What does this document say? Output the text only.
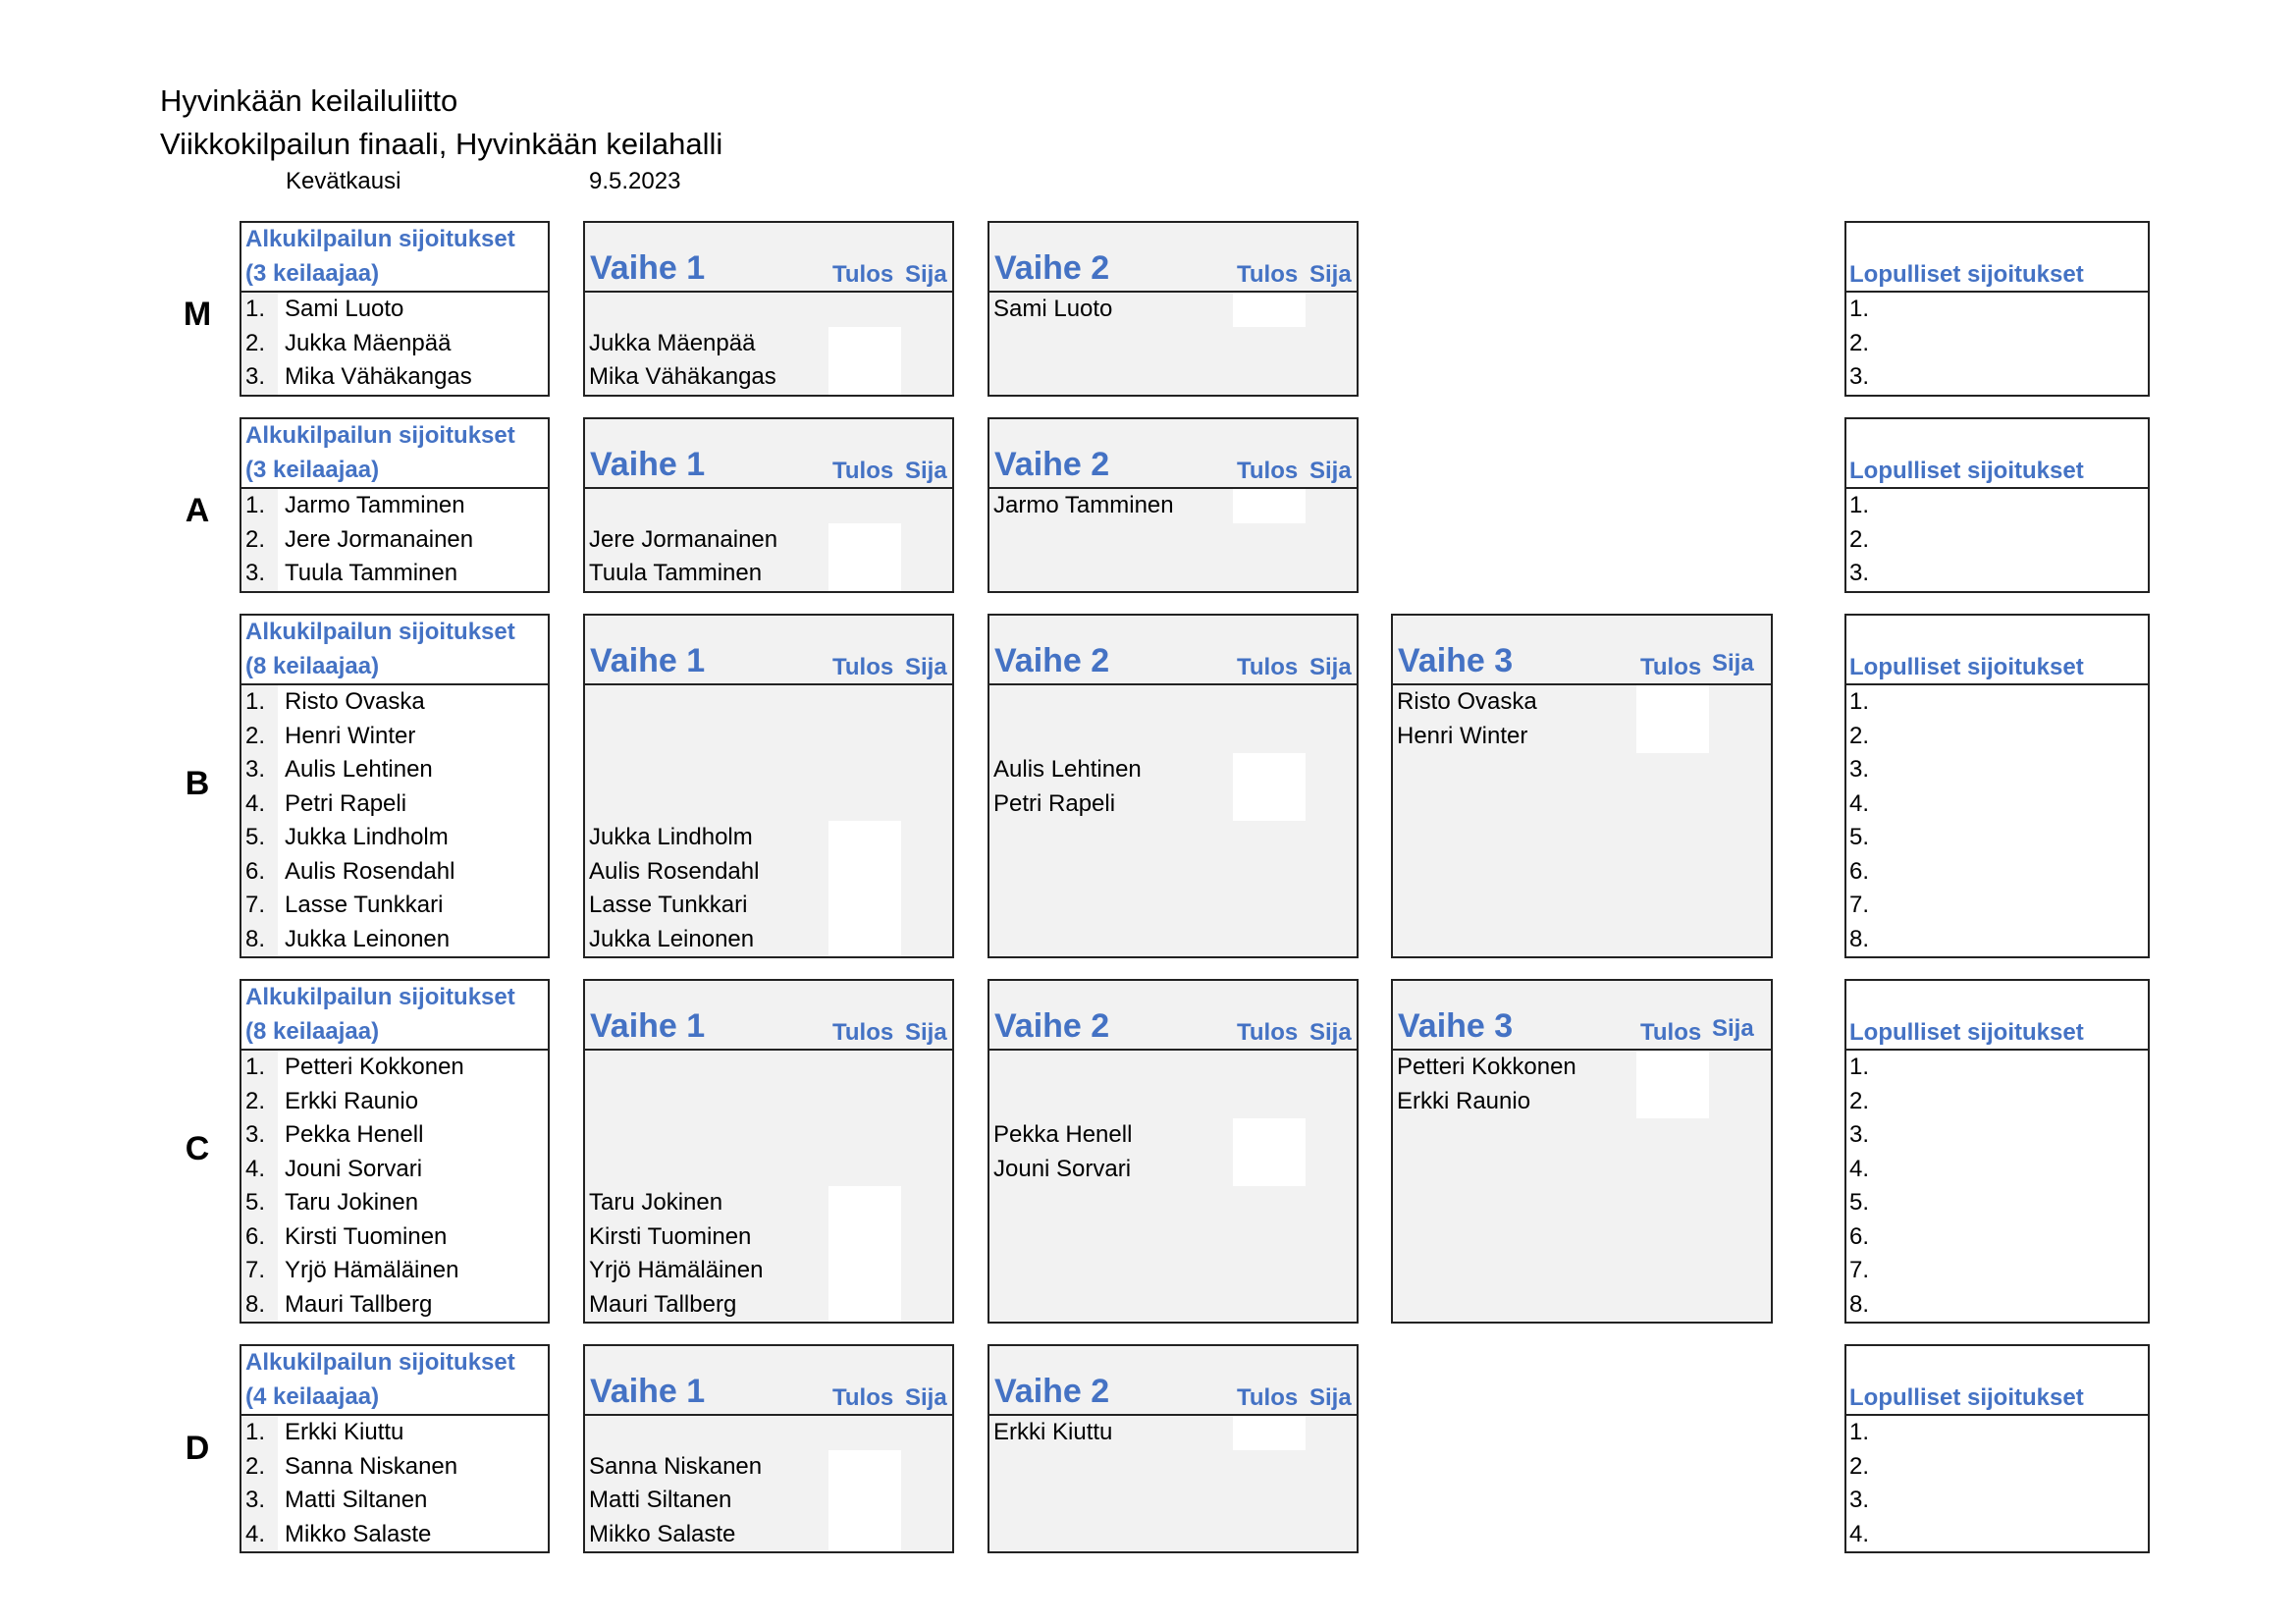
Hyvinkään keilailuliitto
Viikkokilpailun finaali, Hyvinkään keilahalli
Kevätkausi	9.5.2023
M
Alkukilpailun sijoitukset
(3 keilaajaa)
1. Sami Luoto
2. Jukka Mäenpää
3. Mika Vähäkangas
Vaihe 1	Tulos Sija
Jukka Mäenpää
Mika Vähäkangas
Vaihe 2	Tulos Sija
Sami Luoto
Lopulliset sijoitukset
1.
2.
3.
A
Alkukilpailun sijoitukset
(3 keilaajaa)
1. Jarmo Tamminen
2. Jere Jormanainen
3. Tuula Tamminen
Vaihe 1	Tulos Sija
Jere Jormanainen
Tuula Tamminen
Vaihe 2	Tulos Sija
Jarmo Tamminen
Lopulliset sijoitukset
1.
2.
3.
B
Alkukilpailun sijoitukset
(8 keilaajaa)
1. Risto Ovaska
2. Henri Winter
3. Aulis Lehtinen
4. Petri Rapeli
5. Jukka Lindholm
6. Aulis Rosendahl
7. Lasse Tunkkari
8. Jukka Leinonen
Vaihe 1	Tulos Sija
Jukka Lindholm
Aulis Rosendahl
Lasse Tunkkari
Jukka Leinonen
Vaihe 2	Tulos Sija
Aulis Lehtinen
Petri Rapeli
Vaihe 3	Tulos Sija
Risto Ovaska
Henri Winter
Lopulliset sijoitukset
1.
2.
3.
4.
5.
6.
7.
8.
C
Alkukilpailun sijoitukset
(8 keilaajaa)
1. Petteri Kokkonen
2. Erkki Raunio
3. Pekka Henell
4. Jouni Sorvari
5. Taru Jokinen
6. Kirsti Tuominen
7. Yrjö Hämäläinen
8. Mauri Tallberg
Vaihe 1	Tulos Sija
Taru Jokinen
Kirsti Tuominen
Yrjö Hämäläinen
Mauri Tallberg
Vaihe 2	Tulos Sija
Pekka Henell
Jouni Sorvari
Vaihe 3	Tulos Sija
Petteri Kokkonen
Erkki Raunio
Lopulliset sijoitukset
1.
2.
3.
4.
5.
6.
7.
8.
D
Alkukilpailun sijoitukset
(4 keilaajaa)
1. Erkki Kiuttu
2. Sanna Niskanen
3. Matti Siltanen
4. Mikko Salaste
Vaihe 1	Tulos Sija
Sanna Niskanen
Matti Siltanen
Mikko Salaste
Vaihe 2	Tulos Sija
Erkki Kiuttu
Lopulliset sijoitukset
1.
2.
3.
4.
